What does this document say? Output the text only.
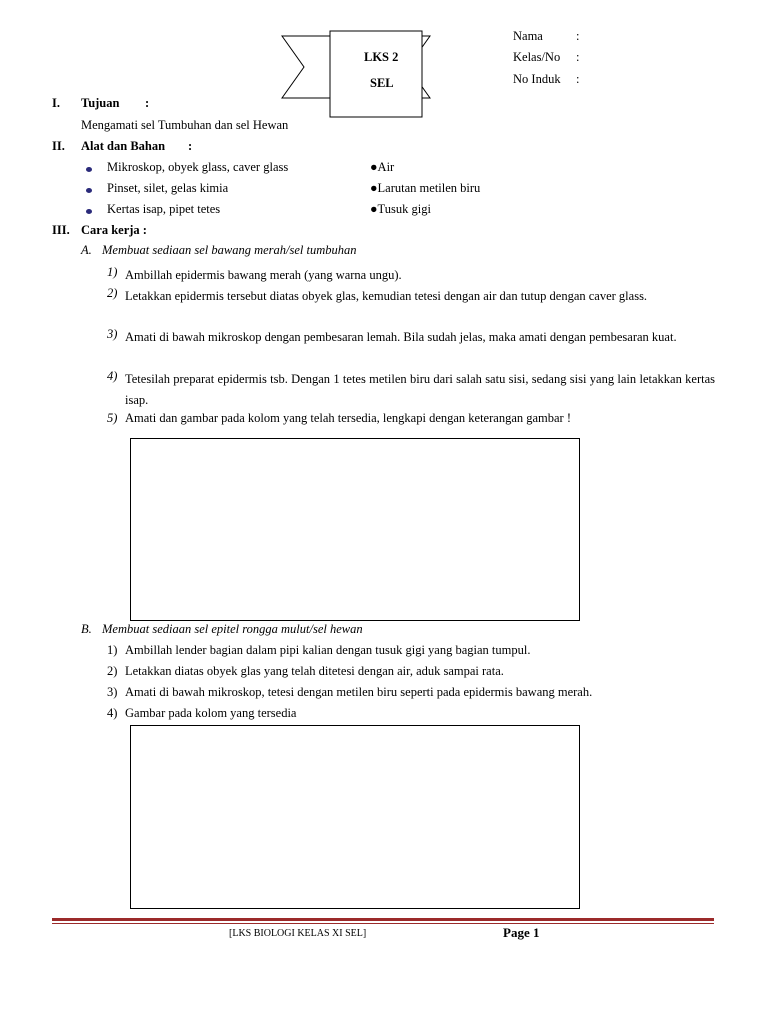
LKS 2
SEL
Nama	:
Kelas/No :
No Induk :
I. Tujuan :
Mengamati sel Tumbuhan dan sel Hewan
II. Alat dan Bahan :
Mikroskop, obyek glass, caver glass
Pinset, silet, gelas kimia
Kertas isap, pipet tetes
●Air
●Larutan metilen biru
●Tusuk gigi
III. Cara kerja :
A. Membuat sediaan sel bawang merah/sel tumbuhan
1) Ambillah epidermis bawang merah (yang warna ungu).
2) Letakkan epidermis tersebut diatas obyek glas, kemudian tetesi dengan air dan tutup dengan caver glass.
3) Amati di bawah mikroskop dengan pembesaran lemah. Bila sudah jelas, maka amati dengan pembesaran kuat.
4) Tetesilah preparat epidermis tsb. Dengan 1 tetes metilen biru dari salah satu sisi, sedang sisi yang lain letakkan kertas isap.
5) Amati dan gambar pada kolom yang telah tersedia, lengkapi dengan keterangan gambar !
B. Membuat sediaan sel epitel rongga mulut/sel hewan
1) Ambillah lender bagian dalam pipi kalian dengan tusuk gigi yang bagian tumpul.
2) Letakkan diatas obyek glas yang telah ditetesi dengan air, aduk sampai rata.
3) Amati di bawah mikroskop, tetesi dengan metilen biru seperti pada epidermis bawang merah.
4) Gambar pada kolom yang tersedia
[LKS BIOLOGI KELAS XI SEL]	Page 1
